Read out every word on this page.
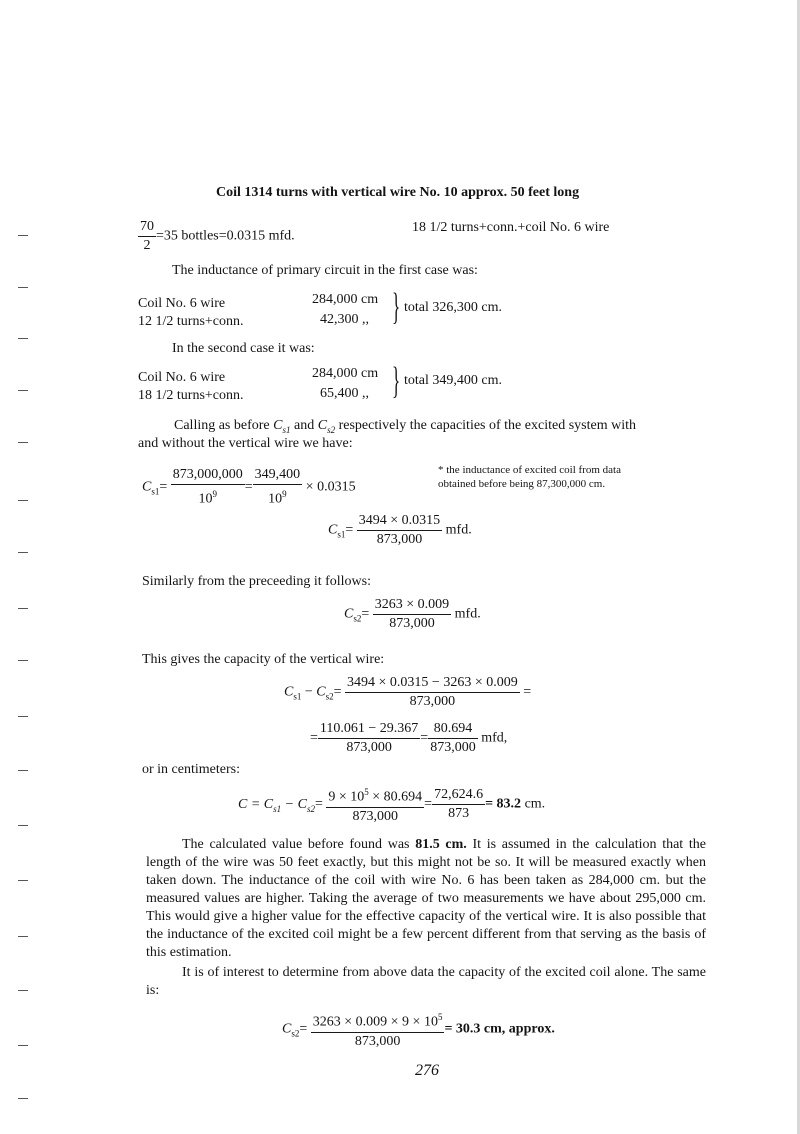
Coil 1314 turns with vertical wire No. 10 approx. 50 feet long
$\frac{70}{2} =35$ bottles=0.0315 mfd.
18 1/2 turns+conn.+coil No. 6 wire
The inductance of primary circuit in the first case was:
Coil No. 6 wire	284,000 cm
12 1/2 turns+conn.	42,300 ,, } total 326,300 cm.
In the second case it was:
Coil No. 6 wire	284,000 cm
18 1/2 turns+conn.	65,400 ,, } total 349,400 cm.
Calling as before $C_{s1}$ and $C_{s2}$ respectively the capacities of the excited system with
and without the vertical wire we have:
$C_{s1}= \frac{873,000,000}{10^9} = \frac{349,400}{10^9} \times 0.0315$
* the inductance of excited coil from data
obtained before being 87,300,000 cm.
$C_{s1}= \frac{3494 \times 0.0315}{873,000}$ mfd.
Similarly from the preceeding it follows:
$C_{s2}= \frac{3263 \times 0.009}{873,000}$ mfd.
This gives the capacity of the vertical wire:
$C_{s1} - C_{s2}= \frac{3494 \times 0.0315 - 3263 \times 0.009}{873,000}$ =
= $\frac{110.061 - 29.367}{873,000} = \frac{80.694}{873,000}$ mfd,
or in centimeters:
$C = C_{s1} - C_{s2}= \frac{9 \times 10^5 \times 80.694}{873,000} = \frac{72,624.6}{873} = 83.2$ cm.

The calculated value before found was 81.5 cm. It is assumed in the calculation that the length of the wire was 50 feet exactly, but this might not be so. It will be measured exactly when taken down. The inductance of the coil with wire No. 6 has been taken as 284,000 cm. but the measured values are higher. Taking the average of two measurements we have about 295,000 cm. This would give a higher value for the effective capacity of the vertical wire. It is also possible that the inductance of the excited coil might be a few percent different from that serving as the basis of this estimation.

It is of interest to determine from above data the capacity of the excited coil alone. The same is:

$C_{s2}= \frac{3263 \times 0.009 \times 9 \times 10^5}{873,000} = 30.3$ cm, approx.
276
